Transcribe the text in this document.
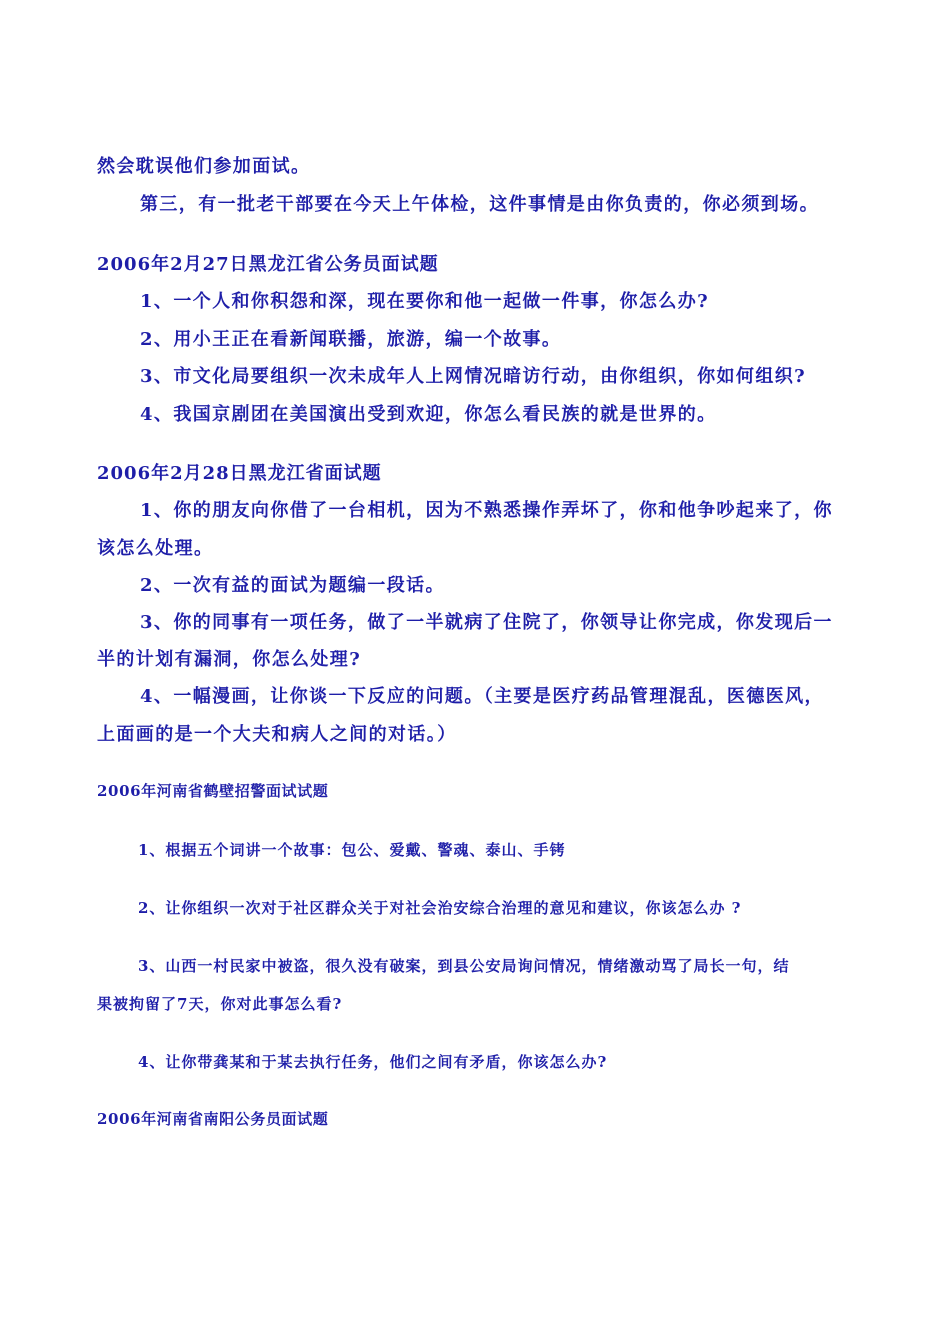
然会耽误他们参加面试。

第三，有一批老干部要在今天上午体检，这件事情是由你负责的，你必须到场。

2006年2月27日黑龙江省公务员面试题

1、一个人和你积怨和深，现在要你和他一起做一件事，你怎么办?

2、用小王正在看新闻联播，旅游，编一个故事。

3、市文化局要组织一次未成年人上网情况暗访行动，由你组织，你如何组织?

4、我国京剧团在美国演出受到欢迎，你怎么看民族的就是世界的。

2006年2月28日黑龙江省面试题

1、你的朋友向你借了一台相机，因为不熟悉操作弄坏了，你和他争吵起来了，你

该怎么处理。

2、一次有益的面试为题编一段话。

3、你的同事有一项任务，做了一半就病了住院了，你领导让你完成，你发现后一

半的计划有漏洞，你怎么处理?

4、一幅漫画，让你谈一下反应的问题。（主要是医疗药品管理混乱，医德医风，

上面画的是一个大夫和病人之间的对话。）

2006年河南省鹤壁招警面试试题

1、根据五个词讲一个故事：包公、爱戴、警魂、泰山、手铐

2、让你组织一次对于社区群众关于对社会治安综合治理的意见和建议，你该怎么办 ?

3、山西一村民家中被盗，很久没有破案，到县公安局询问情况，情绪激动骂了局长一句，结

果被拘留了7天，你对此事怎么看?

4、让你带龚某和于某去执行任务，他们之间有矛盾，你该怎么办?

2006年河南省南阳公务员面试题
